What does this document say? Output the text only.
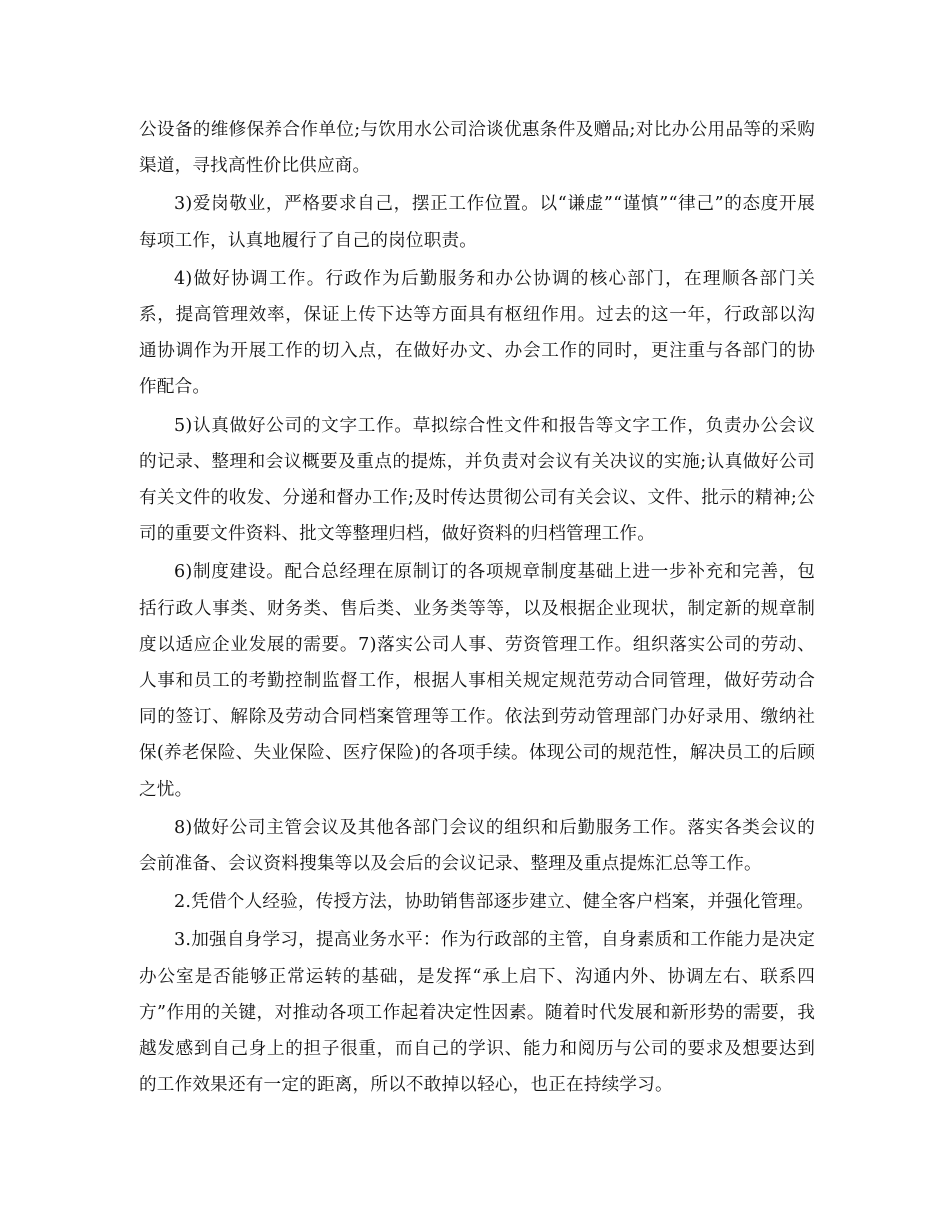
公设备的维修保养合作单位;与饮用水公司洽谈优惠条件及赠品;对比办公用品等的采购渠道，寻找高性价比供应商。

3)爱岗敬业，严格要求自己，摆正工作位置。以“谦虚”“谨慎”“律己”的态度开展每项工作，认真地履行了自己的岗位职责。

4)做好协调工作。行政作为后勤服务和办公协调的核心部门，在理顺各部门关系，提高管理效率，保证上传下达等方面具有枢纽作用。过去的这一年，行政部以沟通协调作为开展工作的切入点，在做好办文、办会工作的同时，更注重与各部门的协作配合。

5)认真做好公司的文字工作。草拟综合性文件和报告等文字工作，负责办公会议的记录、整理和会议概要及重点的提炼，并负责对会议有关决议的实施;认真做好公司有关文件的收发、分递和督办工作;及时传达贯彻公司有关会议、文件、批示的精神;公司的重要文件资料、批文等整理归档，做好资料的归档管理工作。

6)制度建设。配合总经理在原制订的各项规章制度基础上进一步补充和完善，包括行政人事类、财务类、售后类、业务类等等，以及根据企业现状，制定新的规章制度以适应企业发展的需要。7)落实公司人事、劳资管理工作。组织落实公司的劳动、人事和员工的考勤控制监督工作，根据人事相关规定规范劳动合同管理，做好劳动合同的签订、解除及劳动合同档案管理等工作。依法到劳动管理部门办好录用、缴纳社保(养老保险、失业保险、医疗保险)的各项手续。体现公司的规范性，解决员工的后顾之忧。

8)做好公司主管会议及其他各部门会议的组织和后勤服务工作。落实各类会议的会前准备、会议资料搜集等以及会后的会议记录、整理及重点提炼汇总等工作。

2.凭借个人经验，传授方法，协助销售部逐步建立、健全客户档案，并强化管理。

3.加强自身学习，提高业务水平：作为行政部的主管，自身素质和工作能力是决定办公室是否能够正常运转的基础，是发挥“承上启下、沟通内外、协调左右、联系四方”作用的关键，对推动各项工作起着决定性因素。随着时代发展和新形势的需要，我越发感到自己身上的担子很重，而自己的学识、能力和阅历与公司的要求及想要达到的工作效果还有一定的距离，所以不敢掉以轻心，也正在持续学习。
